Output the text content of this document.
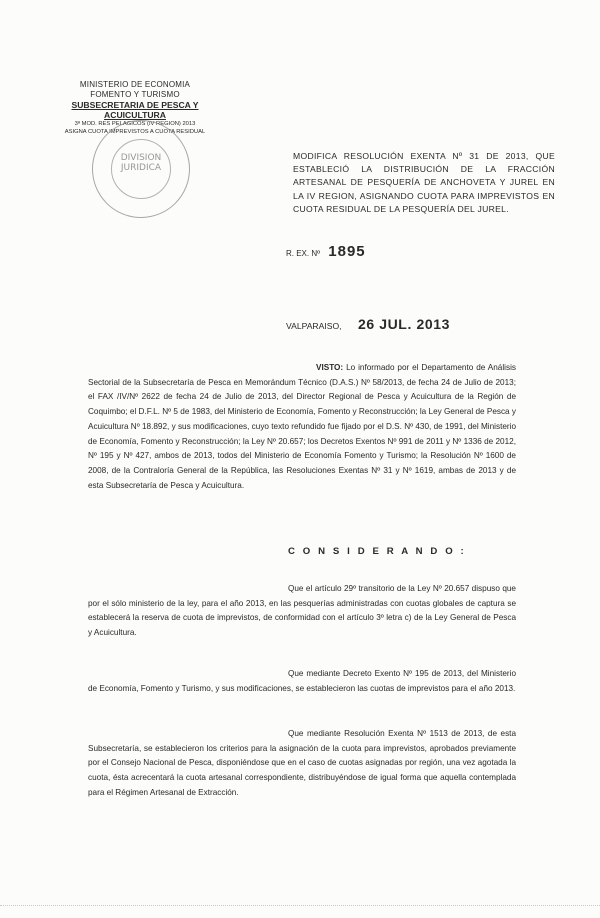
MINISTERIO DE ECONOMIA
FOMENTO Y TURISMO
SUBSECRETARIA DE PESCA Y ACUICULTURA
3ª MOD. RES PELAGICOS (IV REGION) 2013
ASIGNA CUOTA IMPREVISTOS A CUOTA RESIDUAL
DIVISION
JURIDICA
MODIFICA RESOLUCIÓN EXENTA Nº 31 DE 2013, QUE ESTABLECIÓ LA DISTRIBUCIÓN DE LA FRACCIÓN ARTESANAL DE PESQUERÍA DE ANCHOVETA Y JUREL EN LA IV REGION, ASIGNANDO CUOTA PARA IMPREVISTOS EN CUOTA RESIDUAL DE LA PESQUERÍA DEL JUREL.
R. EX. Nº 1895
VALPARAISO, 26 JUL. 2013
VISTO: Lo informado por el Departamento de Análisis Sectorial de la Subsecretaría de Pesca en Memorándum Técnico (D.A.S.) Nº 58/2013, de fecha 24 de Julio de 2013; el FAX /IV/Nº 2622 de fecha 24 de Julio de 2013, del Director Regional de Pesca y Acuicultura de la Región de Coquimbo; el D.F.L. Nº 5 de 1983, del Ministerio de Economía, Fomento y Reconstrucción; la Ley General de Pesca y Acuicultura Nº 18.892, y sus modificaciones, cuyo texto refundido fue fijado por el D.S. Nº 430, de 1991, del Ministerio de Economía, Fomento y Reconstrucción; la Ley Nº 20.657; los Decretos Exentos Nº 991 de 2011 y Nº 1336 de 2012, Nº 195 y Nº 427, ambos de 2013, todos del Ministerio de Economía Fomento y Turismo; la Resolución Nº 1600 de 2008, de la Contraloría General de la República, las Resoluciones Exentas Nº 31 y Nº 1619, ambas de 2013 y de esta Subsecretaría de Pesca y Acuicultura.
C O N S I D E R A N D O :
Que el artículo 29º transitorio de la Ley Nº 20.657 dispuso que por el sólo ministerio de la ley, para el año 2013, en las pesquerías administradas con cuotas globales de captura se establecerá la reserva de cuota de imprevistos, de conformidad con el artículo 3º letra c) de la Ley General de Pesca y Acuicultura.
Que mediante Decreto Exento Nº 195 de 2013, del Ministerio de Economía, Fomento y Turismo, y sus modificaciones, se establecieron las cuotas de imprevistos para el año 2013.
Que mediante Resolución Exenta Nº 1513 de 2013, de esta Subsecretaría, se establecieron los criterios para la asignación de la cuota para imprevistos, aprobados previamente por el Consejo Nacional de Pesca, disponiéndose que en el caso de cuotas asignadas por región, una vez agotada la cuota, ésta acrecentará la cuota artesanal correspondiente, distribuyéndose de igual forma que aquella contemplada para el Régimen Artesanal de Extracción.
